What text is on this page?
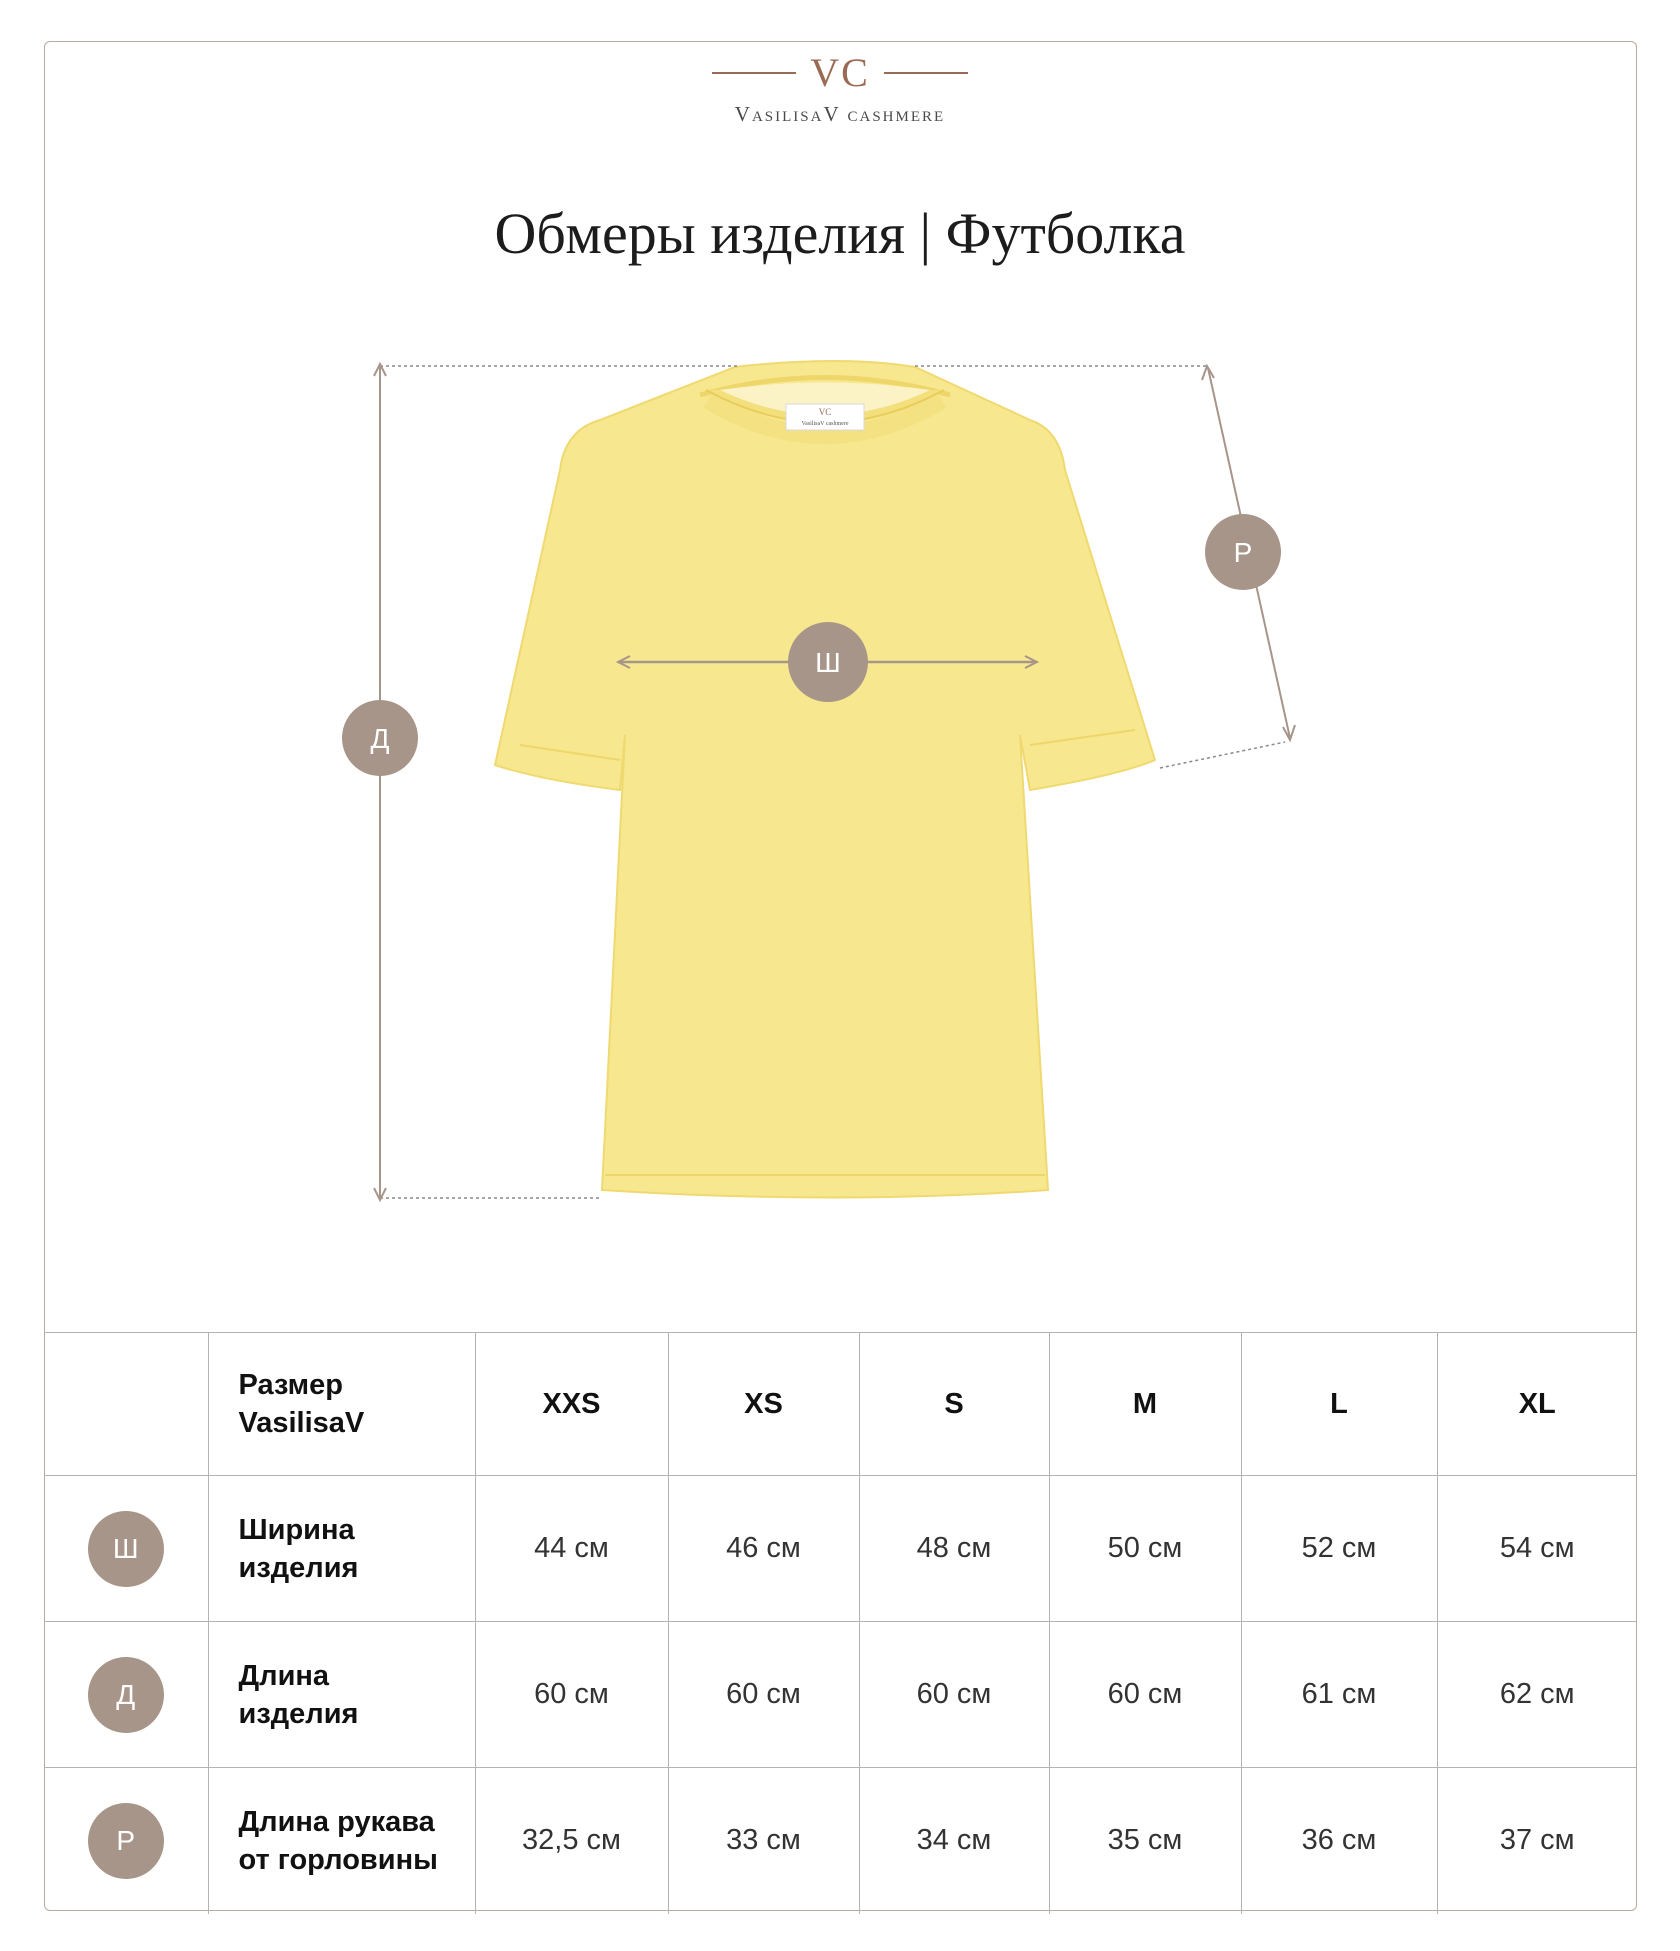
VC
VasilisaV cashmere
Обмеры изделия | Футболка
VC
VasilisaV cashmere
Д
Ш
Р
	Размер
VasilisaV	XXS	XS	S	M	L	XL
Ш	Ширина
изделия	44 см	46 см	48 см	50 см	52 см	54 см
Д	Длина
изделия	60 см	60 см	60 см	60 см	61 см	62 см
Р	Длина рукава
от горловины	32,5 см	33 см	34 см	35 см	36 см	37 см
